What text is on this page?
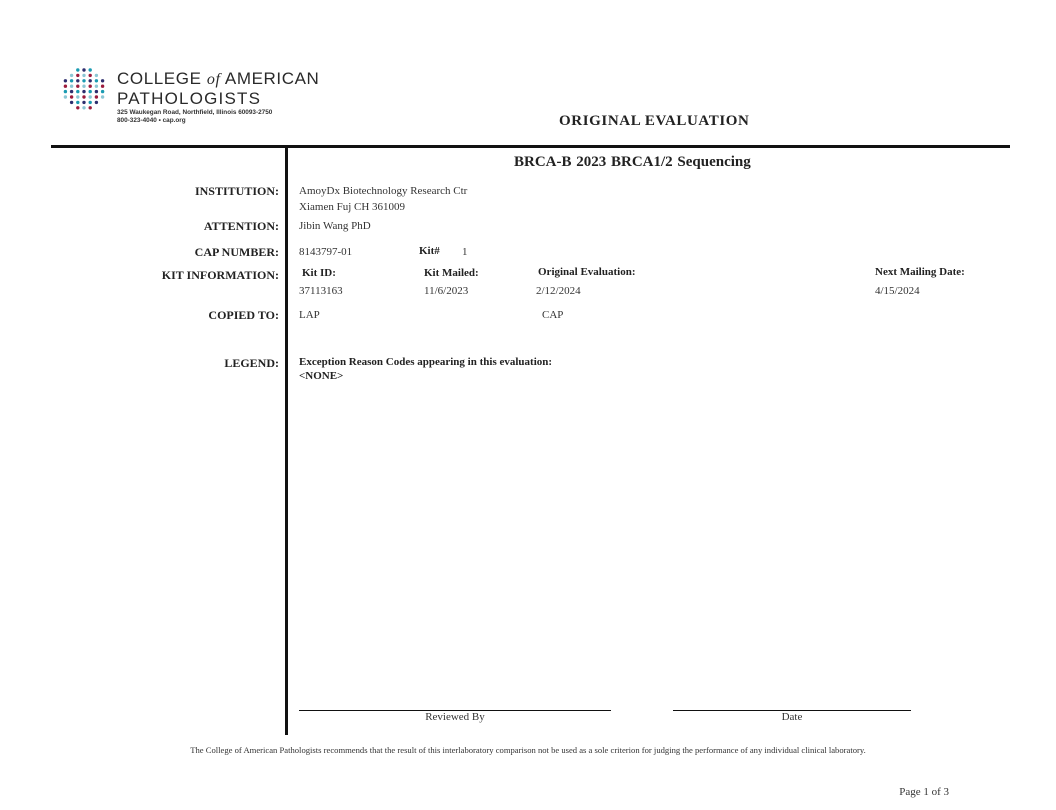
COLLEGE of AMERICAN
PATHOLOGISTS
325 Waukegan Road, Northfield, Illinois 60093-2750
800-323-4040 • cap.org	ORIGINAL EVALUATION
BRCA-B 2023 BRCA1/2 Sequencing
INSTITUTION: AmoyDx Biotechnology Research Ctr
Xiamen Fuj CH 361009
ATTENTION: Jibin Wang PhD
CAP NUMBER: 8143797-01	Kit# 1
KIT INFORMATION: Kit ID:
37113163
Kit Mailed:
11/6/2023
Original Evaluation:
2/12/2024
Next Mailing Date:
4/15/2024
COPIED TO: LAP	CAP
LEGEND: Exception Reason Codes appearing in this evaluation:
<NONE>
Reviewed By	Date
The College of American Pathologists recommends that the result of this interlaboratory comparison not be used as a sole criterion for judging the performance of any individual clinical laboratory.
Page 1 of 3
